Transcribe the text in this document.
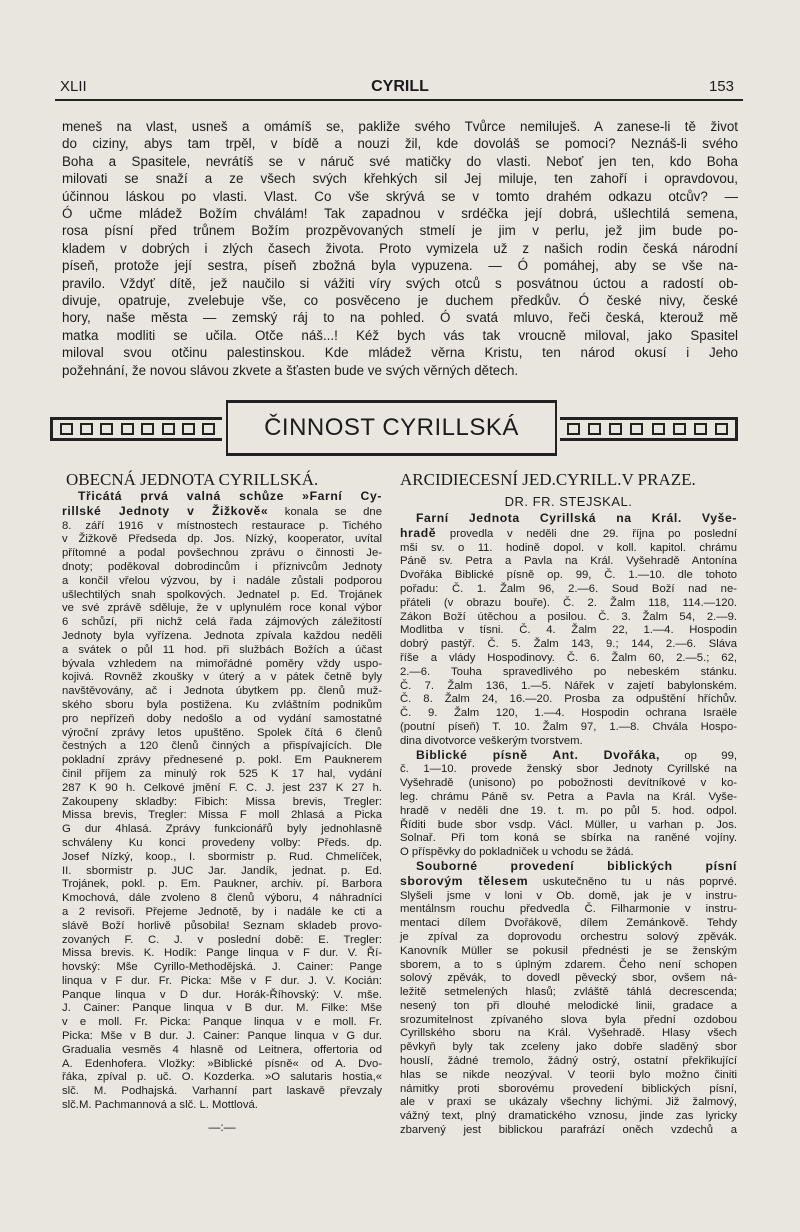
XLII	CYRILL	153
meneš na vlast, usneš a omámíš se, pakliže svého Tvůrce nemiluješ. A zanese-li tě život
do ciziny, abys tam trpěl, v bídě a nouzi žil, kde dovoláš se pomoci? Neznáš-li svého
Boha a Spasitele, nevrátíš se v náruč své matičky do vlasti. Neboť jen ten, kdo Boha
milovati se snaží a ze všech svých křehkých sil Jej miluje, ten zahoří i opravdovou,
účinnou láskou po vlasti. Vlast. Co vše skrývá se v tomto drahém odkazu otcův? —
Ó učme mládež Božím chválám! Tak zapadnou v srdéčka její dobrá, ušlechtilá semena,
rosa písní před trůnem Božím prozpěvovaných stmelí je jim v perlu, jež jim bude po-
kladem v dobrých i zlých časech života. Proto vymizela už z našich rodin česká národní
píseň, protože její sestra, píseň zbožná byla vypuzena. — Ó pomáhej, aby se vše na-
pravilo. Vždyť dítě, jež naučilo si vážiti víry svých otců s posvátnou úctou a radostí ob-
divuje, opatruje, zvelebuje vše, co posvěceno je duchem předkův. Ó české nivy, české
hory, naše města — zemský ráj to na pohled. Ó svatá mluvo, řeči česká, kterouž mě
matka modliti se učila. Otče náš...! Kéž bych vás tak vroucně miloval, jako Spasitel
miloval svou otčinu palestinskou. Kde mládež věrna Kristu, ten národ okusí i Jeho
požehnání, že novou slávou zkvete a šťasten bude ve svých věrných dětech.
ČINNOST CYRILLSKÁ
OBECNÁ JEDNOTA CYRILLSKÁ.
Třicátá prvá valná schůze »Farní Cy-
rillské Jednoty v Žižkově« konala se dne
8. září 1916 v místnostech restaurace p. Tichého
v Žižkově Předseda dp. Jos. Nízký, kooperator, uvítal
přítomné a podal povšechnou zprávu o činnosti Je-
dnoty; poděkoval dobrodincům i příznivcům Jednoty
a končil vřelou výzvou, by i nadále zůstali podporou
ušlechtilých snah spolkových. Jednatel p. Ed. Trojánek
ve své zprávě sděluje, že v uplynulém roce konal výbor
6 schůzí, při nichž celá řada zájmových záležitostí
Jednoty byla vyřízena. Jednota zpívala každou neděli
a svátek o půl 11 hod. při službách Božích a účast
bývala vzhledem na mimořádné poměry vždy uspo-
kojivá. Rovněž zkoušky v úterý a v pátek četně byly
navštěvovány, ač i Jednota úbytkem pp. členů muž-
ského sboru byla postižena. Ku zvláštním podnikům
pro nepřízeň doby nedošlo a od vydání samostatné
výroční zprávy letos upuštěno. Spolek čítá 6 členů
čestných a 120 členů činných a přispívajících. Dle
pokladní zprávy přednesené p. pokl. Em Pauknerem
činil příjem za minulý rok 525 K 17 hal, vydání
287 K 90 h. Celkové jmění F. C. J. jest 237 K 27 h.
Zakoupeny skladby: Fibich: Missa brevis, Tregler:
Missa brevis, Tregler: Missa F moll 2hlasá a Picka
G dur 4hlasá. Zprávy funkcionářů byly jednohlasně
schváleny Ku konci provedeny volby: Předs. dp.
Josef Nízký, koop., I. sbormistr p. Rud. Chmelíček,
II. sbormistr p. JUC Jar. Jandík, jednat. p. Ed.
Trojánek, pokl. p. Em. Paukner, archiv. pí. Barbora
Kmochová, dále zvoleno 8 členů výboru, 4 náhradníci
a 2 revisoři. Přejeme Jednotě, by i nadále ke cti a
slávě Boží horlivě působila! Seznam skladeb provo-
zovaných F. C. J. v poslední době: E. Tregler:
Missa brevis. K. Hodík: Pange linqua v F dur. V. Ří-
hovský: Mše Cyrillo-Methodějská. J. Cainer: Pange
linqua v F dur. Fr. Picka: Mše v F dur. J. V. Kocián:
Panque linqua v D dur. Horák-Říhovský: V. mše.
J. Cainer: Panque linqua v B dur. M. Filke: Mše
v e moll. Fr. Picka: Panque linqua v e moll. Fr.
Picka: Mše v B dur. J. Cainer: Panque linqua v G dur.
Gradualia vesměs 4 hlasně od Leitnera, offertoria od
A. Edenhofera. Vložky: »Biblické písně« od A. Dvo-
řáka, zpíval p. uč. O. Kozderka. »O salutaris hostia,«
slč. M. Podhajská. Varhanní part laskavě převzaly
slč.M. Pachmannová a slč. L. Mottlová.
—:—
ARCIDIECESNÍ JED.CYRILL.V PRAZE.
DR. FR. STEJSKAL.
Farní Jednota Cyrillská na Král. Vyše-
hradě provedla v neděli dne 29. října po poslední
mši sv. o 11. hodině dopol. v koll. kapitol. chrámu
Páně sv. Petra a Pavla na Král. Vyšehradě Antonína
Dvořáka Biblické písně op. 99, Č. 1.—10. dle tohoto
pořadu: Č. 1. Žalm 96, 2.—6. Soud Boží nad ne-
přáteli (v obrazu bouře). Č. 2. Žalm 118, 114.—120.
Zákon Boží útěchou a posilou. Č. 3. Žalm 54, 2.—9.
Modlitba v tísni. Č. 4. Žalm 22, 1.—4. Hospodin
dobrý pastýř. Č. 5. Žalm 143, 9.; 144, 2.—6. Sláva
říše a vlády Hospodinovy. Č. 6. Žalm 60, 2.—5.; 62,
2.—6. Touha spravedlivého po nebeském stánku.
Č. 7. Žalm 136, 1.—5. Nářek v zajetí babylonském.
Č. 8. Žalm 24, 16.—20. Prosba za odpuštění hříchův.
Č. 9. Žalm 120, 1.—4. Hospodin ochrana Israële
(poutní píseň) T. 10. Žalm 97, 1.—8. Chvála Hospo-
dina divotvorce veškerým tvorstvem.
Biblické písně Ant. Dvořáka, op 99,
č. 1—10. provede ženský sbor Jednoty Cyrillské na
Vyšehradě (unisono) po pobožnosti devítníkové v ko-
leg. chrámu Páně sv. Petra a Pavla na Král. Vyše-
hradě v neděli dne 19. t. m. po půl 5. hod. odpol.
Říditi bude sbor vsdp. Václ. Müller, u varhan p. Jos.
Solnař. Při tom koná se sbírka na raněné vojíny.
O příspěvky do pokladniček u vchodu se žádá.
Souborné provedení biblických písní
sborovým tělesem uskutečněno tu u nás poprvé.
Slyšeli jsme v loni v Ob. domě, jak je v instru-
mentálnsm rouchu předvedla Č. Filharmonie v instru-
mentaci dílem Dvořákově, dílem Zemánkově. Tehdy
je zpíval za doprovodu orchestru solový zpěvák.
Kanovník Müller se pokusil přednésti je se ženským
sborem, a to s úplným zdarem. Čeho není schopen
solový zpěvák, to dovedl pěvecký sbor, ovšem ná-
ležitě setmelených hlasů; zvláště táhlá decrescenda;
nesený ton při dlouhé melodické linii, gradace a
srozumitelnost zpívaného slova byla přední ozdobou
Cyrillského sboru na Král. Vyšehradě. Hlasy všech
pěvkyň byly tak zceleny jako dobře sladěný sbor
houslí, žádné tremolo, žádný ostrý, ostatní překřikující
hlas se nikde neozýval. V teorii bylo možno činiti
námitky proti sborovému provedení biblických písní,
ale v praxi se ukázaly všechny lichými. Již žalmový,
vážný text, plný dramatického vznosu, jinde zas lyricky
zbarvený jest biblickou parafrází oněch vzdechů a
